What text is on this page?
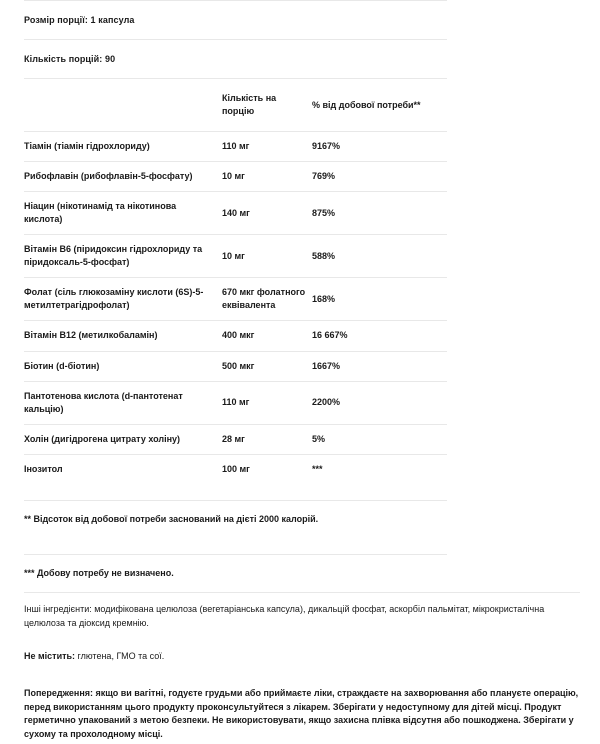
Розмір порції: 1 капсула
Кількість порцій: 90
	Кількість на порцію	% від добової потреби**
Тіамін (тіамін гідрохлориду)	110 мг	9167%
Рибофлавін (рибофлавін-5-фосфату)	10 мг	769%
Ніацин (нікотинамід та нікотинова кислота)	140 мг	875%
Вітамін B6 (піридоксин гідрохлориду та піридоксаль-5-фосфат)	10 мг	588%
Фолат (сіль глюкозаміну кислоти (6S)-5-метилтетрагідрофолат)	670 мкг фолатного еквівалента	168%
Вітамін B12 (метилкобаламін)	400 мкг	16 667%
Біотин (d-біотин)	500 мкг	1667%
Пантотенова кислота (d-пантотенат кальцію)	110 мг	2200%
Холін (дигідрогена цитрату холіну)	28 мг	5%
Інозитол	100 мг	***
** Відсоток від добової потреби заснований на дієті 2000 калорій.
*** Добову потребу не визначено.

Інші інгредієнти: модифікована целюлоза (вегетаріанська капсула), дикальцій фосфат, аскорбіл пальмітат, мікрокристалічна целюлоза та діоксид кремнію.

Не містить: глютена, ГМО та сої.

Попередження: якщо ви вагітні, годуєте грудьми або приймаєте ліки, страждаєте на захворювання або плануєте операцію, перед використанням цього продукту проконсультуйтеся з лікарем. Зберігати у недоступному для дітей місці. Продукт герметично упакований з метою безпеки. Не використовувати, якщо захисна плівка відсутня або пошкоджена. Зберігати у сухому та прохолодному місці.
